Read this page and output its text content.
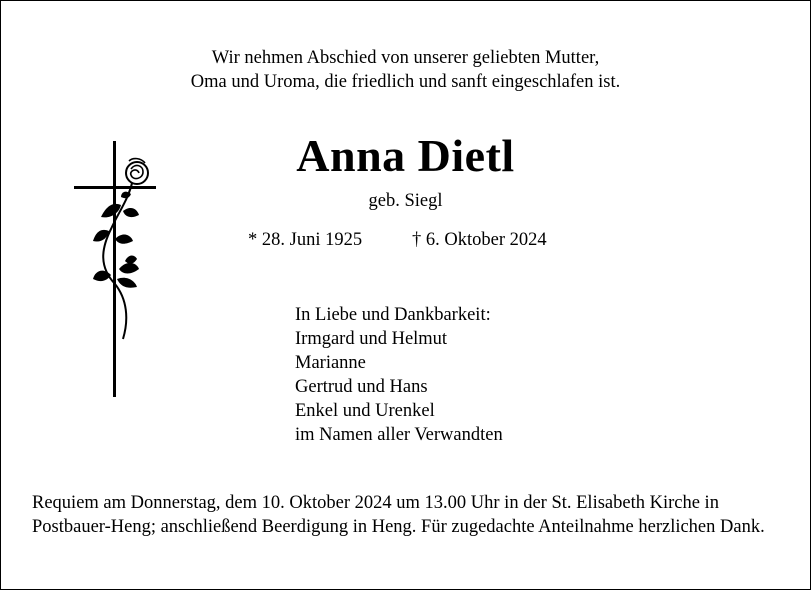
Wir nehmen Abschied von unserer geliebten Mutter,
Oma und Uroma, die friedlich und sanft eingeschlafen ist.
Anna Dietl
geb. Siegl
* 28. Juni 1925	† 6. Oktober 2024
In Liebe und Dankbarkeit:
Irmgard und Helmut
Marianne
Gertrud und Hans
Enkel und Urenkel
im Namen aller Verwandten
Requiem am Donnerstag, dem 10. Oktober 2024 um 13.00 Uhr in der St. Elisabeth Kirche in Postbauer-Heng; anschließend Beerdigung in Heng. Für zugedachte Anteilnahme herzlichen Dank.
